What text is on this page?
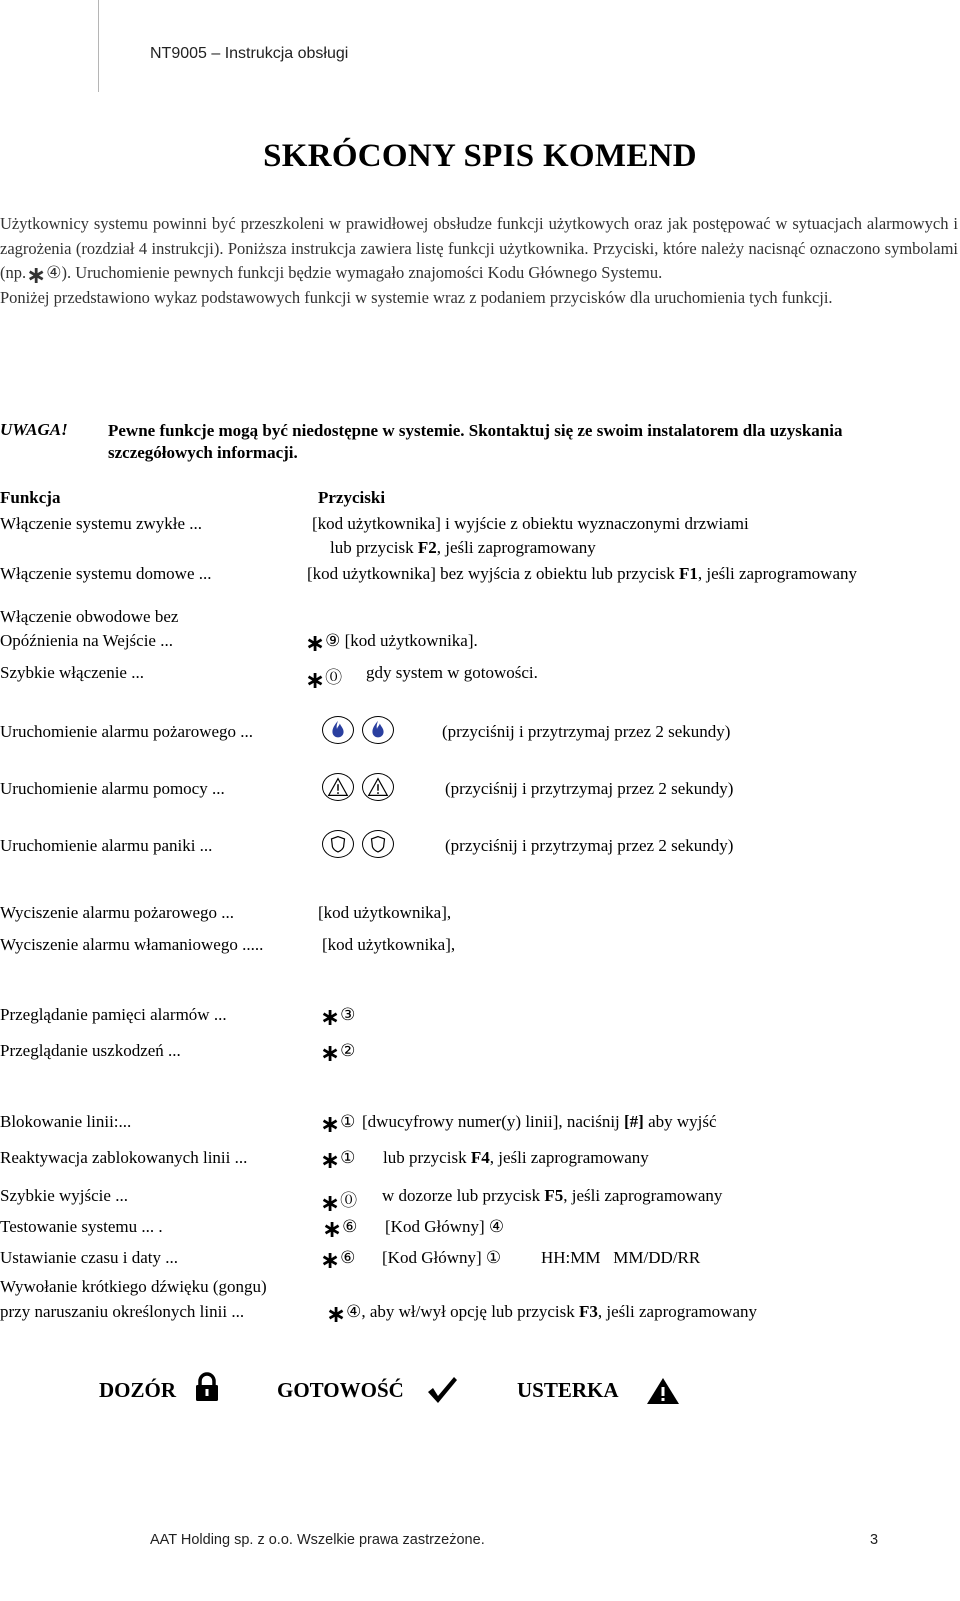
NT9005 – Instrukcja obsługi
SKRÓCONY SPIS KOMEND

Użytkownicy systemu powinni być przeszkoleni w prawidłowej obsłudze funkcji użytkowych oraz jak postępować w sytuacjach alarmowych i zagrożenia (rozdział 4 instrukcji). Poniższa instrukcja zawiera listę funkcji użytkownika. Przyciski, które należy nacisnąć oznaczono symbolami (np.∗④). Uruchomienie pewnych funkcji będzie wymagało znajomości Kodu Głównego Systemu.

Poniżej przedstawiono wykaz podstawowych funkcji w systemie wraz z podaniem przycisków dla uruchomienia tych funkcji.

UWAGA! Pewne funkcje mogą być niedostępne w systemie. Skontaktuj się ze swoim instalatorem dla uzyskania szczegółowych informacji.
Funkcja	Przyciski
Włączenie systemu zwykłe ...	[kod użytkownika] i wyjście z obiektu wyznaczonymi drzwiami
lub przycisk F2, jeśli zaprogramowany
Włączenie systemu domowe ...	[kod użytkownika] bez wyjścia z obiektu lub przycisk F1, jeśli zaprogramowany
Włączenie obwodowe bez
Opóźnienia na Wejście ...	∗⑨ [kod użytkownika].
Szybkie włączenie ...	∗⓪ gdy system w gotowości.
Uruchomienie alarmu pożarowego ...	(przyciśnij i przytrzymaj przez 2 sekundy)
Uruchomienie alarmu pomocy ...	(przyciśnij i przytrzymaj przez 2 sekundy)
Uruchomienie alarmu paniki ...	(przyciśnij i przytrzymaj przez 2 sekundy)
Wyciszenie alarmu pożarowego ...	[kod użytkownika],
Wyciszenie alarmu włamaniowego .....	[kod użytkownika],
Przeglądanie pamięci alarmów ...	∗③
Przeglądanie uszkodzeń ...	∗②
Blokowanie linii:...	∗① [dwucyfrowy numer(y) linii], naciśnij [#] aby wyjść
Reaktywacja zablokowanych linii ...	∗① lub przycisk F4, jeśli zaprogramowany
Szybkie wyjście ...	∗⓪ w dozorze lub przycisk F5, jeśli zaprogramowany
Testowanie systemu ... .	∗⑥ [Kod Główny] ④
Ustawianie czasu i daty ...	∗⑥ [Kod Główny] ① HH:MM   MM/DD/RR
Wywołanie krótkiego dźwięku (gongu)
przy naruszaniu określonych linii ...	∗④, aby wł/wył opcję lub przycisk F3, jeśli zaprogramowany
DOZÓR	GOTOWOŚĆ	USTERKA
AAT Holding sp. z o.o. Wszelkie prawa zastrzeżone.	3
